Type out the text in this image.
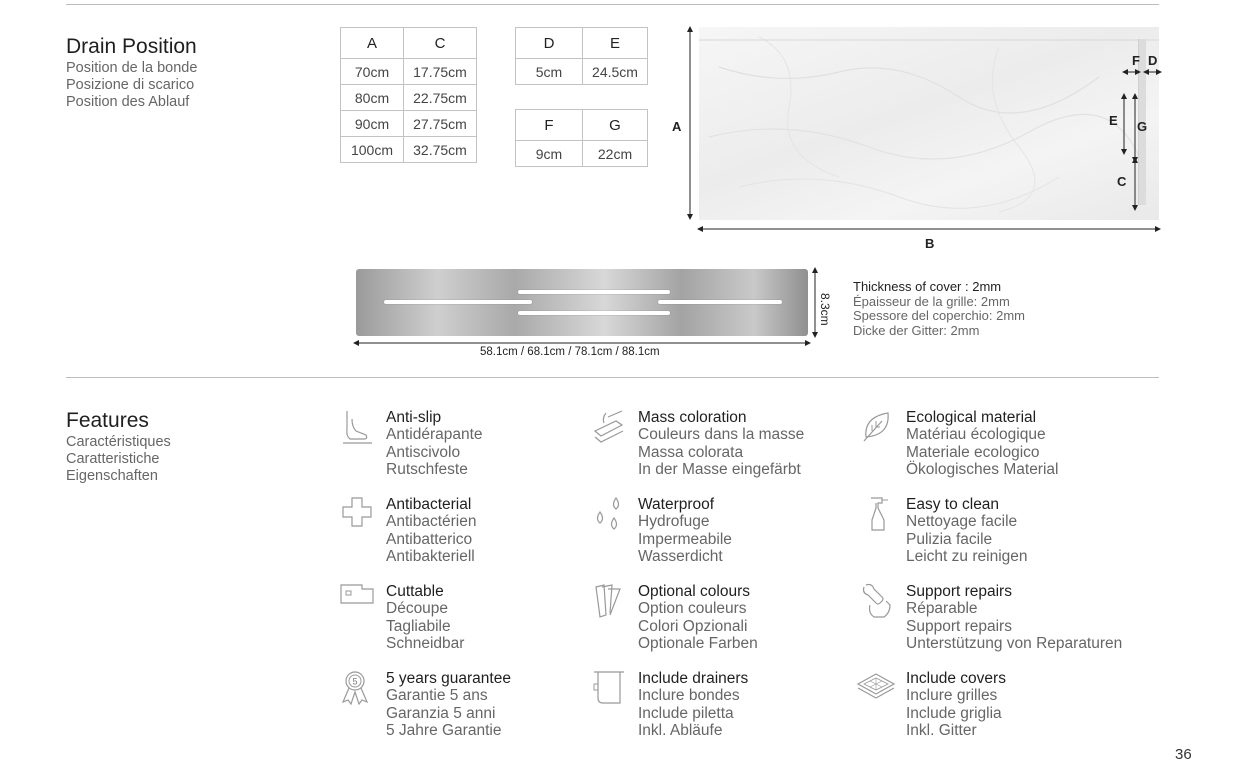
Drain Position
Position de la bonde
Posizione di scarico
Position des Ablauf
A	C
70cm	17.75cm
80cm	22.75cm
90cm	27.75cm
100cm	32.75cm
D	E
5cm	24.5cm
F	G
9cm	22cm
A
B
F D
E G
C
8.3cm
58.1cm / 68.1cm / 78.1cm / 88.1cm
Thickness of cover : 2mm
Épaisseur de la grille: 2mm
Spessore del coperchio: 2mm
Dicke der Gitter: 2mm
Features
Caractéristiques
Caratteristiche
Eigenschaften
Anti-slip
Antidérapante
Antiscivolo
Rutschfeste
Mass coloration
Couleurs dans la masse
Massa colorata
In der Masse eingefärbt
Ecological material
Matériau écologique
Materiale ecologico
Ökologisches Material
Antibacterial
Antibactérien
Antibatterico
Antibakteriell
Waterproof
Hydrofuge
Impermeabile
Wasserdicht
Easy to clean
Nettoyage facile
Pulizia facile
Leicht zu reinigen
Cuttable
Découpe
Tagliabile
Schneidbar
Optional colours
Option couleurs
Colori Opzionali
Optionale Farben
Support repairs
Réparable
Support repairs
Unterstützung von Reparaturen
5 5 years guarantee
Garantie 5 ans
Garanzia 5 anni
5 Jahre Garantie
Include drainers
Inclure bondes
Include piletta
Inkl. Abläufe
Include covers
Inclure grilles
Include griglia
Inkl. Gitter
36
